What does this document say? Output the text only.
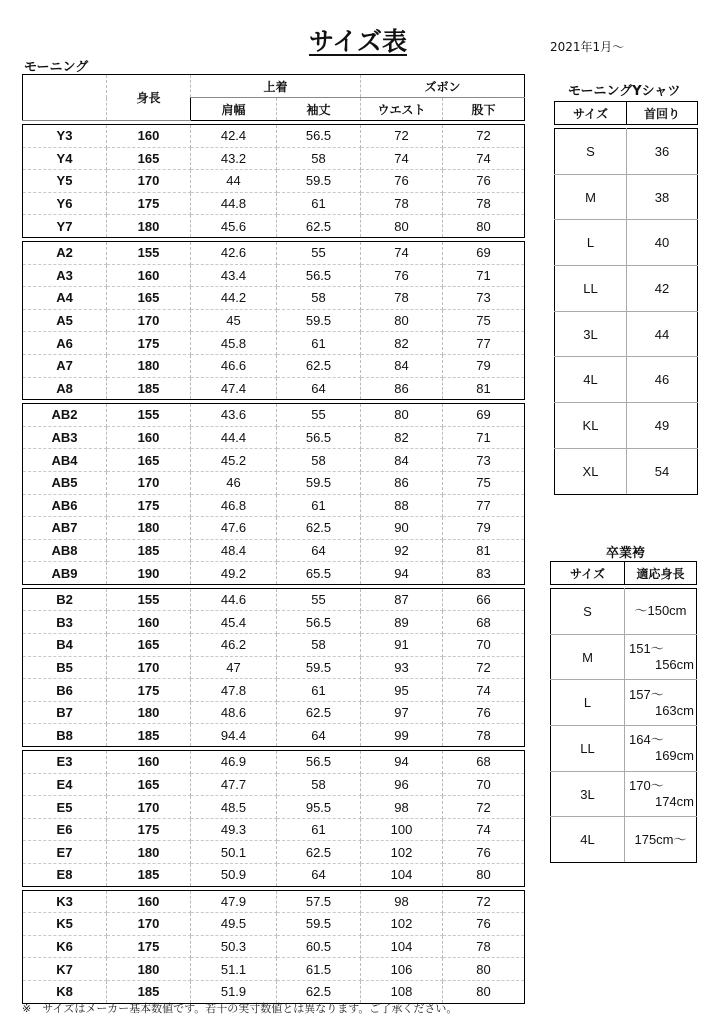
サイズ表	2021年1月～
モーニング
	身長	上着		ズボン	
		肩幅	袖丈	ウエスト	股下

Y3	160	42.4	56.5	72	72
Y4	165	43.2	58	74	74
Y5	170	44	59.5	76	76
Y6	175	44.8	61	78	78
Y7	180	45.6	62.5	80	80

A2	155	42.6	55	74	69
A3	160	43.4	56.5	76	71
A4	165	44.2	58	78	73
A5	170	45	59.5	80	75
A6	175	45.8	61	82	77
A7	180	46.6	62.5	84	79
A8	185	47.4	64	86	81

AB2	155	43.6	55	80	69
AB3	160	44.4	56.5	82	71
AB4	165	45.2	58	84	73
AB5	170	46	59.5	86	75
AB6	175	46.8	61	88	77
AB7	180	47.6	62.5	90	79
AB8	185	48.4	64	92	81
AB9	190	49.2	65.5	94	83

B2	155	44.6	55	87	66
B3	160	45.4	56.5	89	68
B4	165	46.2	58	91	70
B5	170	47	59.5	93	72
B6	175	47.8	61	95	74
B7	180	48.6	62.5	97	76
B8	185	94.4	64	99	78

E3	160	46.9	56.5	94	68
E4	165	47.7	58	96	70
E5	170	48.5	95.5	98	72
E6	175	49.3	61	100	74
E7	180	50.1	62.5	102	76
E8	185	50.9	64	104	80

K3	160	47.9	57.5	98	72
K5	170	49.5	59.5	102	76
K6	175	50.3	60.5	104	78
K7	180	51.1	61.5	106	80
K8	185	51.9	62.5	108	80
モーニングYシャツ
サイズ	首回り

S	36
M	38
L	40
LL	42
3L	44
4L	46
KL	49
XL	54
卒業袴
サイズ	適応身長

S	～150cm

M	151～
156cm

L	157～
163cm

LL	164～
169cm

3L	170～
174cm

4L	175cm～
※　サイズはメーカー基本数値です。若干の実寸数値とは異なります。ご了承ください。
